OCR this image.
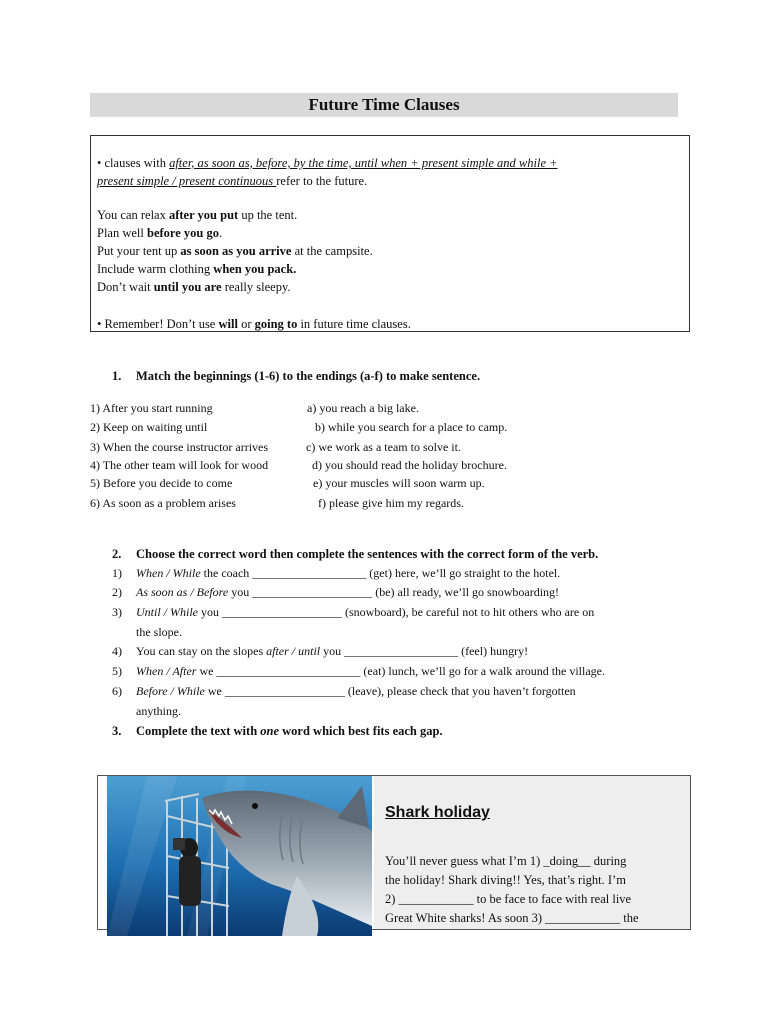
Future Time Clauses
• clauses with after, as soon as, before, by the time, until when + present simple and while +
present simple / present continuous refer to the future.
You can relax after you put up the tent.
Plan well before you go.
Put your tent up as soon as you arrive at the campsite.
Include warm clothing when you pack.
Don’t wait until you are really sleepy.
• Remember! Don’t use will or going to in future time clauses.
1. Match the beginnings (1-6) to the endings (a-f) to make sentence.
1) After you start running
2) Keep on waiting until
3) When the course instructor arrives
4) The other team will look for wood
5) Before you decide to come
6) As soon as a problem arises
a) you reach a big lake.
b) while you search for a place to camp.
c) we work as a team to solve it.
d) you should read the holiday brochure.
e) your muscles will soon warm up.
f) please give him my regards.
2. Choose the correct word then complete the sentences with the correct form of the verb.
1) When / While the coach ___________________ (get) here, we’ll go straight to the hotel.
2) As soon as / Before you ____________________ (be) all ready, we’ll go snowboarding!
3) Until / While you ____________________ (snowboard), be careful not to hit others who are on
the slope.
4) You can stay on the slopes after / until you ___________________ (feel) hungry!
5) When / After we ________________________ (eat) lunch, we’ll go for a walk around the village.
6) Before / While we ____________________ (leave), please check that you haven’t forgotten
anything.
3. Complete the text with one word which best fits each gap.
Shark holiday
You’ll never guess what I’m 1) _doing__ during
the holiday! Shark diving!! Yes, that’s right. I’m
2) ____________ to be face to face with real live
Great White sharks! As soon 3) ____________ the
